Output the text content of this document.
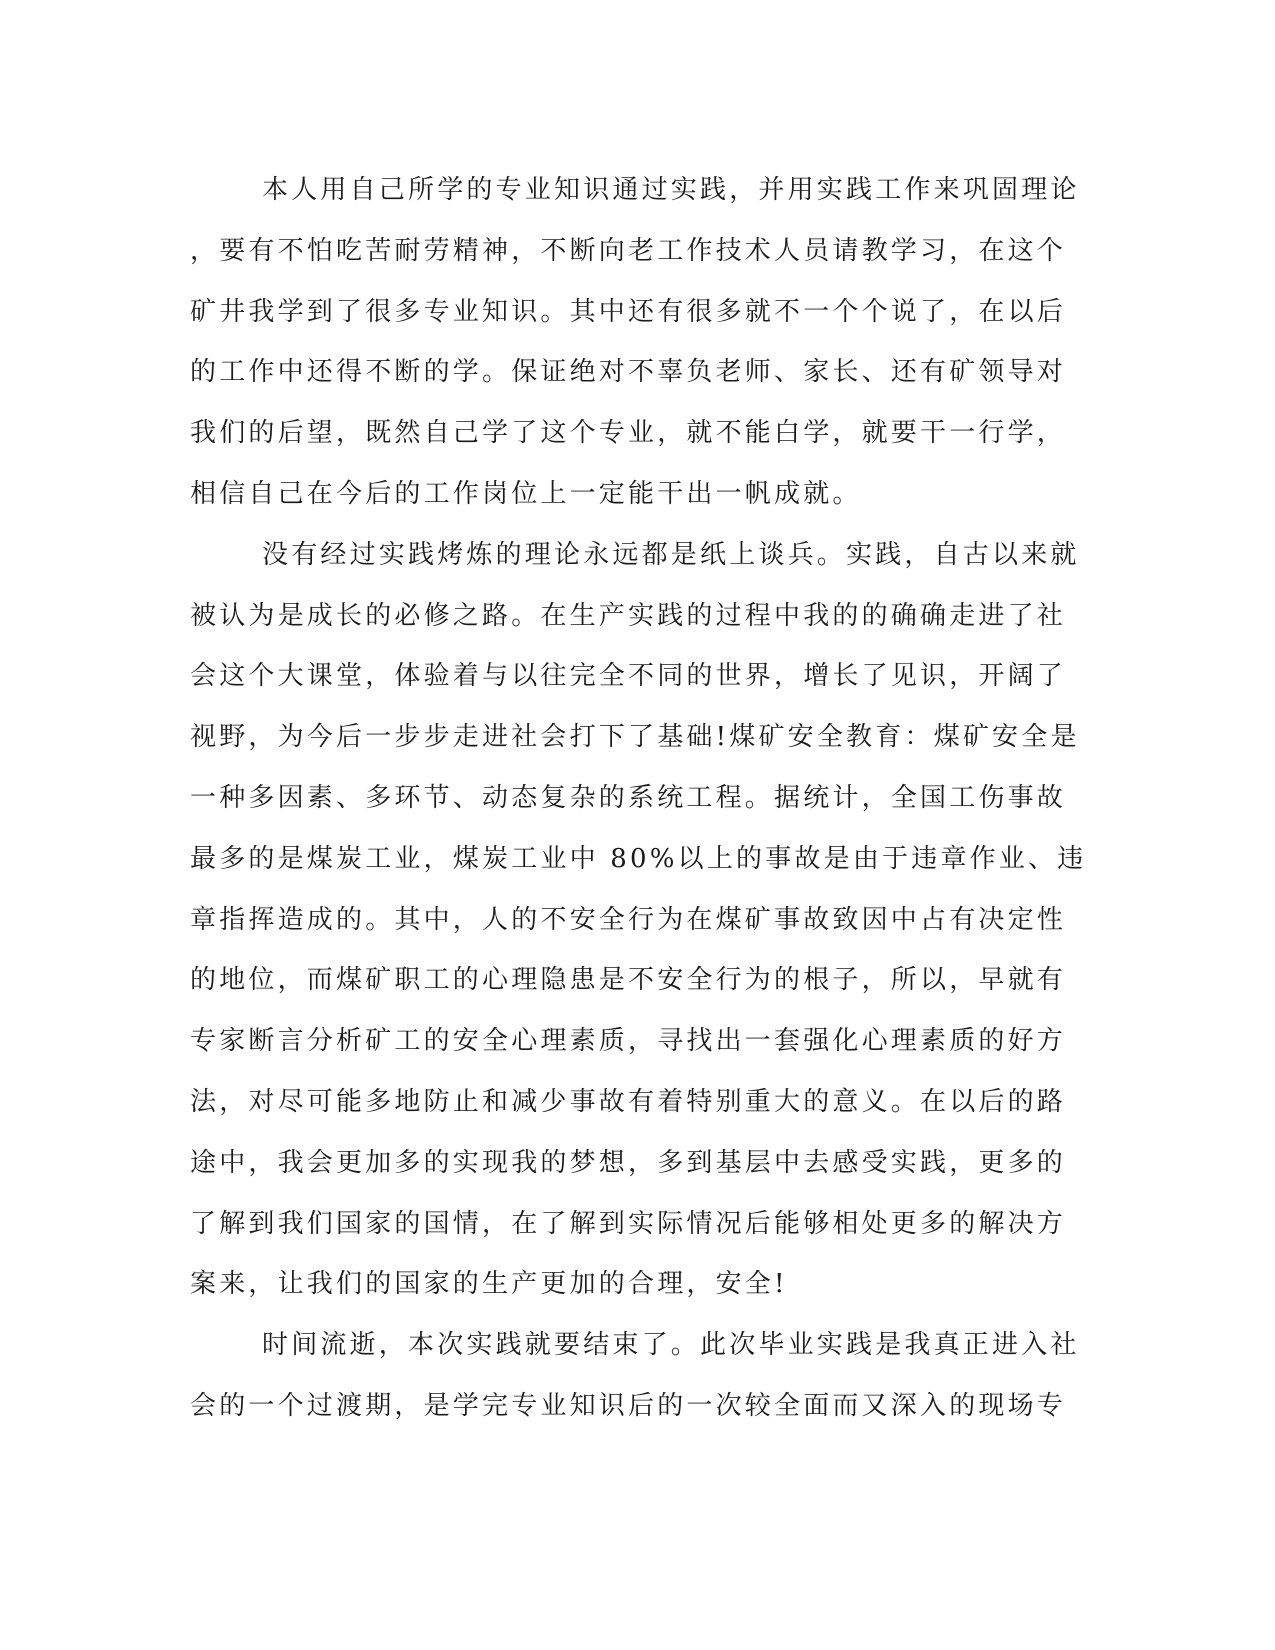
本人用自己所学的专业知识通过实践，并用实践工作来巩固理论
，要有不怕吃苦耐劳精神，不断向老工作技术人员请教学习，在这个
矿井我学到了很多专业知识。其中还有很多就不一个个说了，在以后
的工作中还得不断的学。保证绝对不辜负老师、家长、还有矿领导对
我们的后望，既然自己学了这个专业，就不能白学，就要干一行学，
相信自己在今后的工作岗位上一定能干出一帆成就。
没有经过实践烤炼的理论永远都是纸上谈兵。实践，自古以来就
被认为是成长的必修之路。在生产实践的过程中我的的确确走进了社
会这个大课堂，体验着与以往完全不同的世界，增长了见识，开阔了
视野，为今后一步步走进社会打下了基础!煤矿安全教育：煤矿安全是
一种多因素、多环节、动态复杂的系统工程。据统计，全国工伤事故
最多的是煤炭工业，煤炭工业中 80%以上的事故是由于违章作业、违
章指挥造成的。其中，人的不安全行为在煤矿事故致因中占有决定性
的地位，而煤矿职工的心理隐患是不安全行为的根子，所以，早就有
专家断言分析矿工的安全心理素质，寻找出一套强化心理素质的好方
法，对尽可能多地防止和减少事故有着特别重大的意义。在以后的路
途中，我会更加多的实现我的梦想，多到基层中去感受实践，更多的
了解到我们国家的国情，在了解到实际情况后能够相处更多的解决方
案来，让我们的国家的生产更加的合理，安全!
时间流逝，本次实践就要结束了。此次毕业实践是我真正进入社
会的一个过渡期，是学完专业知识后的一次较全面而又深入的现场专
